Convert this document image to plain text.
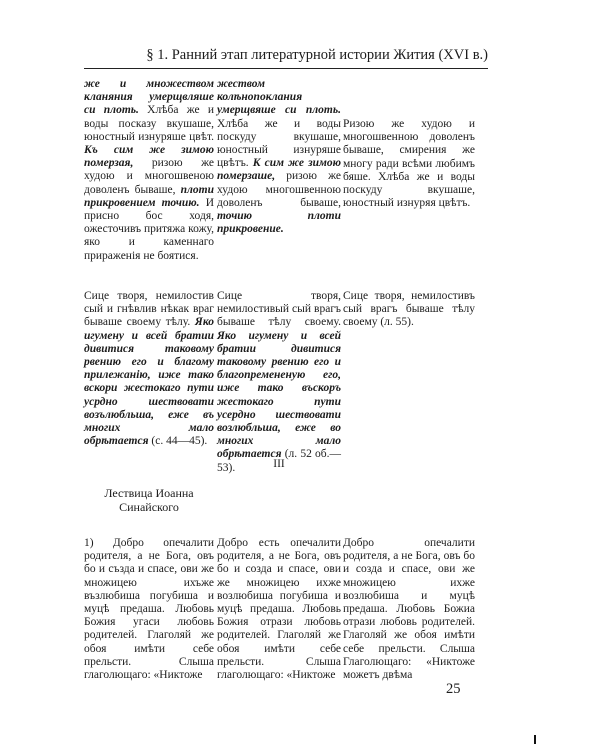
§ 1. Ранний этап литературной истории Жития (XVI в.)
же и множеством кланяния умерщвляше си плоть. Хлѣба же и воды посказу вкушаше, юностный изнуряше цвѣт. Къ сим же зимою померзая, ризою же худою и многошвеною доволенъ бываше, плоти прикровением точию. И присно бос ходя, ожесточивъ притяжа кожу, яко и каменнаго прираженія не боятися.
жеством колѣнопоклания умерщвяше си плоть. Хлѣба же и воды поскуду вкушаше, юностный изнуряше цвѣтъ. К сим же зимою померзаше, ризою же худою многошвенною доволенъ бываше, точию плоти прикровение.
Ризою же худою и многошвенною доволенъ бываше, смирения же многу ради всѣми любимъ бяше. Хлѣба же и воды поскуду вкушаше, юностный изнуряя цвѣтъ.
Сице творя, немилостив сый и гнѣвлив нѣкак враг бываше своему тѣлу. Яко игумену и всей братии дивитися таковому рвению его и благому прилежанію, иже тако вскори жестокаго пути усрдно шествовати возълюбльша, еже въ многих мало обрѣтается (с. 44—45).
Сице творя, немилостивый сый врагъ бываше тѣлу своему. Яко игумену и всей братии дивитися таковому рвению его и благопремененую его, иже тако въскоръ жестокаго пути усердно шествовати возлюбльша, еже во многих мало обрѣтается (л. 52 об.—53).
Сице творя, немилостивъ сый врагъ бываше тѣлу своему (л. 55).
III
Лествица Иоанна Синайского
1) Добро опечалити родителя, а не Бога, овъ бо и създа и спасе, ови же множицею ихъже възлюбиша погубиша и муцѣ предаша. Любовь Божия угаси любовь родителей. Глаголяй же обоя имѣти себе прельсти. Слыша глаголющаго: «Никтоже
Добро есть опечалити родителя, а не Бога, овъ бо и созда и спасе, ови же множицею ихже возлюбиша погубиша и муцѣ предаша. Любовь Божия отрази любовь родителей. Глаголяй же обоя имѣти себе прельсти. Слыша глаголющаго: «Никтоже
Добро опечалити родителя, а не Бога, овъ бо и созда и спасе, ови же множицею ихже возлюбиша и муцѣ предаша. Любовь Божиа отрази любовь родителей. Глаголяй же обоя имѣти себе прельсти. Слыша Глаголющаго: «Никтоже можетъ двѣма
25
